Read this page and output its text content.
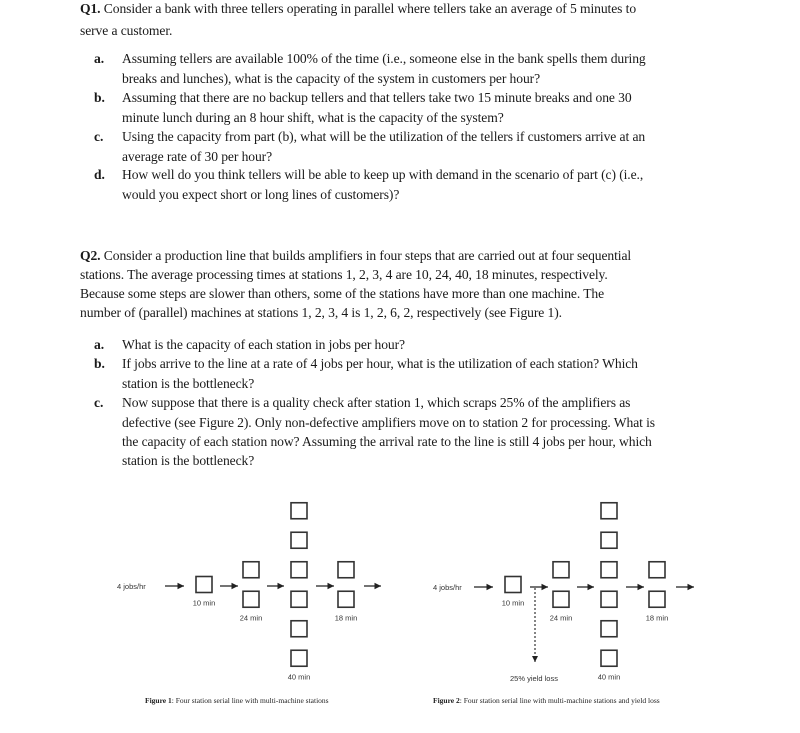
Q1. Consider a bank with three tellers operating in parallel where tellers take an average of 5 minutes to
serve a customer.
a. Assuming tellers are available 100% of the time (i.e., someone else in the bank spells them during
breaks and lunches), what is the capacity of the system in customers per hour?
b. Assuming that there are no backup tellers and that tellers take two 15 minute breaks and one 30
minute lunch during an 8 hour shift, what is the capacity of the system?
c. Using the capacity from part (b), what will be the utilization of the tellers if customers arrive at an
average rate of 30 per hour?
d. How well do you think tellers will be able to keep up with demand in the scenario of part (c) (i.e.,
would you expect short or long lines of customers)?
Q2. Consider a production line that builds amplifiers in four steps that are carried out at four sequential
stations. The average processing times at stations 1, 2, 3, 4 are 10, 24, 40, 18 minutes, respectively.
Because some steps are slower than others, some of the stations have more than one machine. The
number of (parallel) machines at stations 1, 2, 3, 4 is 1, 2, 6, 2, respectively (see Figure 1).
a. What is the capacity of each station in jobs per hour?
b. If jobs arrive to the line at a rate of 4 jobs per hour, what is the utilization of each station? Which
station is the bottleneck?
c. Now suppose that there is a quality check after station 1, which scraps 25% of the amplifiers as
defective (see Figure 2). Only non-defective amplifiers move on to station 2 for processing. What is
the capacity of each station now? Assuming the arrival rate to the line is still 4 jobs per hour, which
station is the bottleneck?
4 jobs/hr
10 min
24 min
40 min
18 min
Figure 1: Four station serial line with multi-machine stations
4 jobs/hr
10 min
24 min
40 min
18 min
25% yield loss
Figure 2: Four station serial line with multi-machine stations and yield loss
